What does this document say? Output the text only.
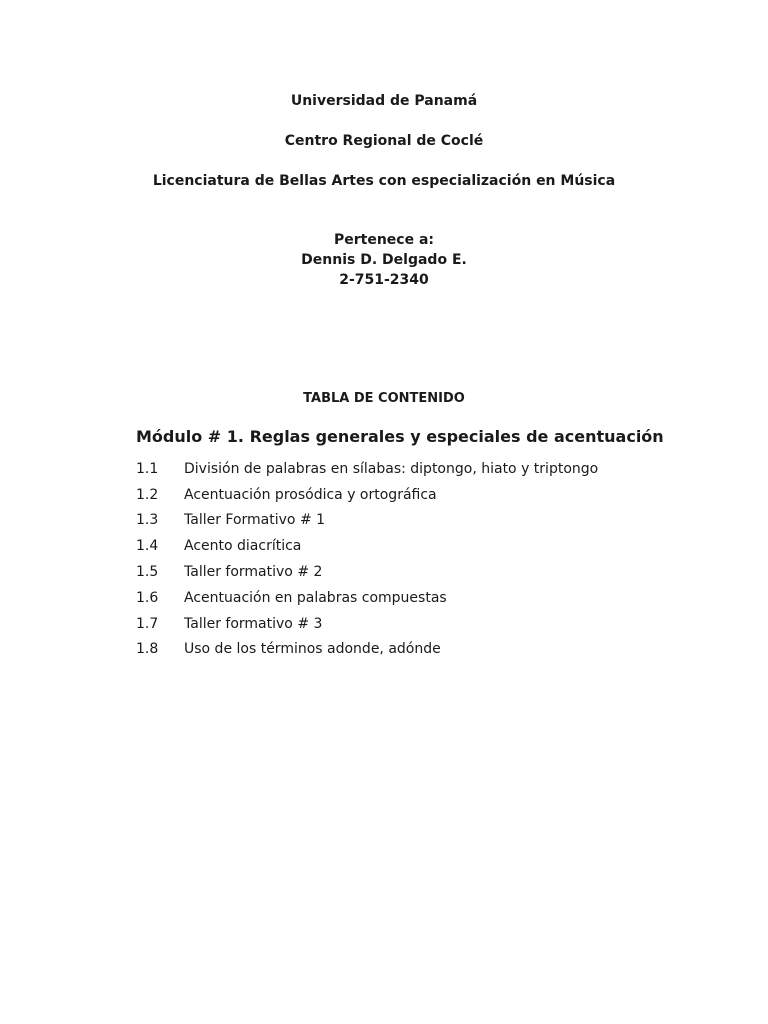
Universidad de Panamá
Centro Regional de Coclé
Licenciatura de Bellas Artes con especialización en Música
Pertenece a:
Dennis D. Delgado E.
2-751-2340
TABLA DE CONTENIDO
Módulo # 1. Reglas generales y especiales de acentuación
1.1	División de palabras en sílabas: diptongo, hiato y triptongo
1.2	Acentuación prosódica y ortográfica
1.3	Taller Formativo # 1
1.4	Acento diacrítica
1.5	Taller formativo # 2
1.6	Acentuación en palabras compuestas
1.7	Taller formativo # 3
1.8	Uso de los términos adonde, adónde
